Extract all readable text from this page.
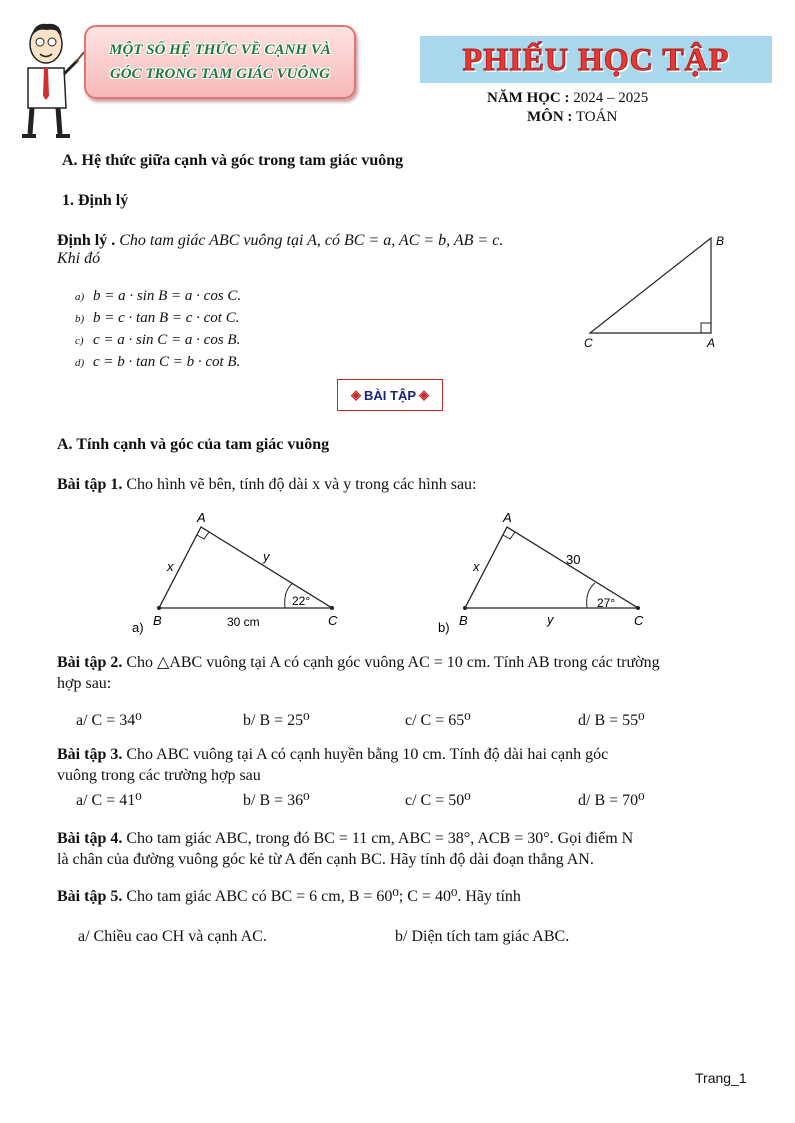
MỘT SỐ HỆ THỨC VỀ CẠNH VÀ
GÓC TRONG TAM GIÁC VUÔNG	PHIẾU HỌC TẬP
NĂM HỌC : 2024 – 2025
MÔN : TOÁN
A. Hệ thức giữa cạnh và góc trong tam giác vuông
1. Định lý
Định lý . Cho tam giác ABC vuông tại A, có BC = a, AC = b, AB = c.
Khi đó
a) b = a · sin B = a · cos C.
b) b = c · tan B = c · cot C.
c) c = a · sin C = a · cos B.
d) c = b · tan C = b · cot B.
B
C	A
◈ BÀI TẬP ◈
A. Tính cạnh và góc của tam giác vuông
Bài tập 1. Cho hình vẽ bên, tính độ dài x và y trong các hình sau:
A
B	C
x
y
22°
30 cm
a)
A
B	C
x	30
27°
y
b)
Bài tập 2. Cho △ABC vuông tại A có cạnh góc vuông AC = 10 cm. Tính AB trong các trường
hợp sau:
a/ C = 34⁰	b/ B = 25⁰	c/ C = 65⁰	d/ B = 55⁰
Bài tập 3. Cho ABC vuông tại A có cạnh huyền bằng 10 cm. Tính độ dài hai cạnh góc
vuông trong các trường hợp sau
a/ C = 41⁰	b/ B = 36⁰	c/ C = 50⁰	d/ B = 70⁰
Bài tập 4. Cho tam giác ABC, trong đó BC = 11 cm, ABC = 38°, ACB = 30°. Gọi điểm N
là chân của đường vuông góc kẻ từ A đến cạnh BC. Hãy tính độ dài đoạn thẳng AN.
Bài tập 5. Cho tam giác ABC có BC = 6 cm, B = 60⁰; C = 40⁰. Hãy tính
a/ Chiều cao CH và cạnh AC.	b/ Diện tích tam giác ABC.
Trang_1
